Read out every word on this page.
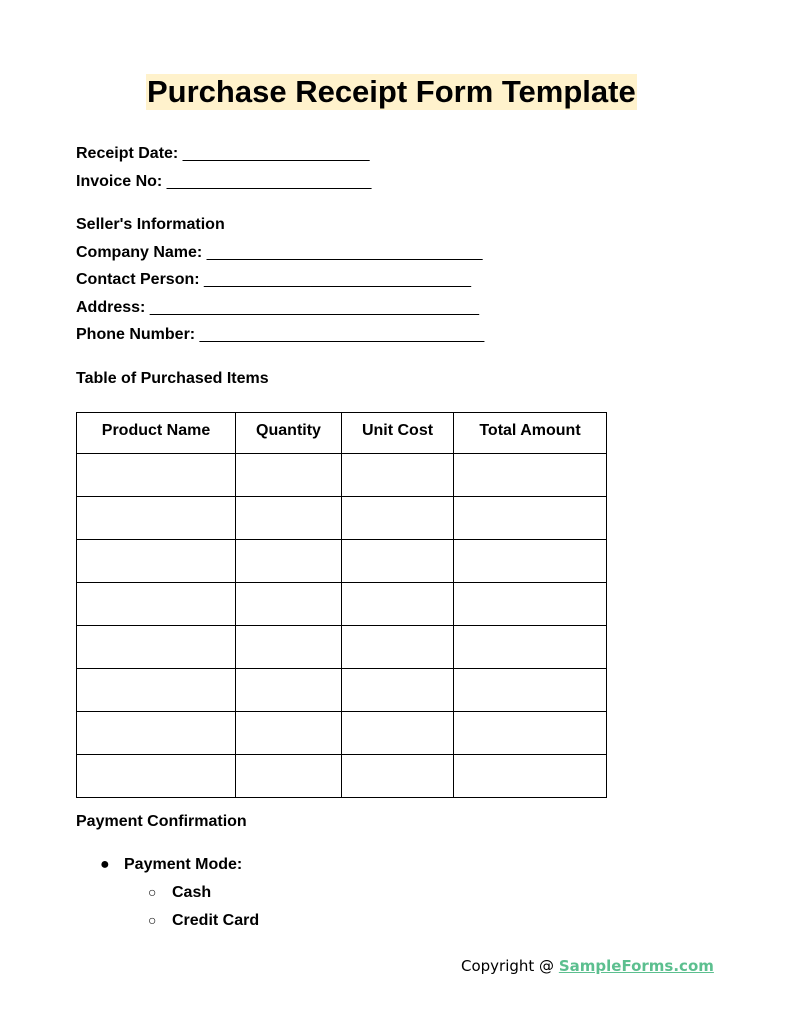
Purchase Receipt Form Template
Receipt Date: _____________________
Invoice No: _______________________
Seller's Information
Company Name: _______________________________
Contact Person: ______________________________
Address: _____________________________________
Phone Number: ________________________________
Table of Purchased Items
Product Name	Quantity	Unit Cost	Total Amount

Payment Confirmation
● Payment Mode:
○ Cash
○ Credit Card
Copyright @ SampleForms.com
